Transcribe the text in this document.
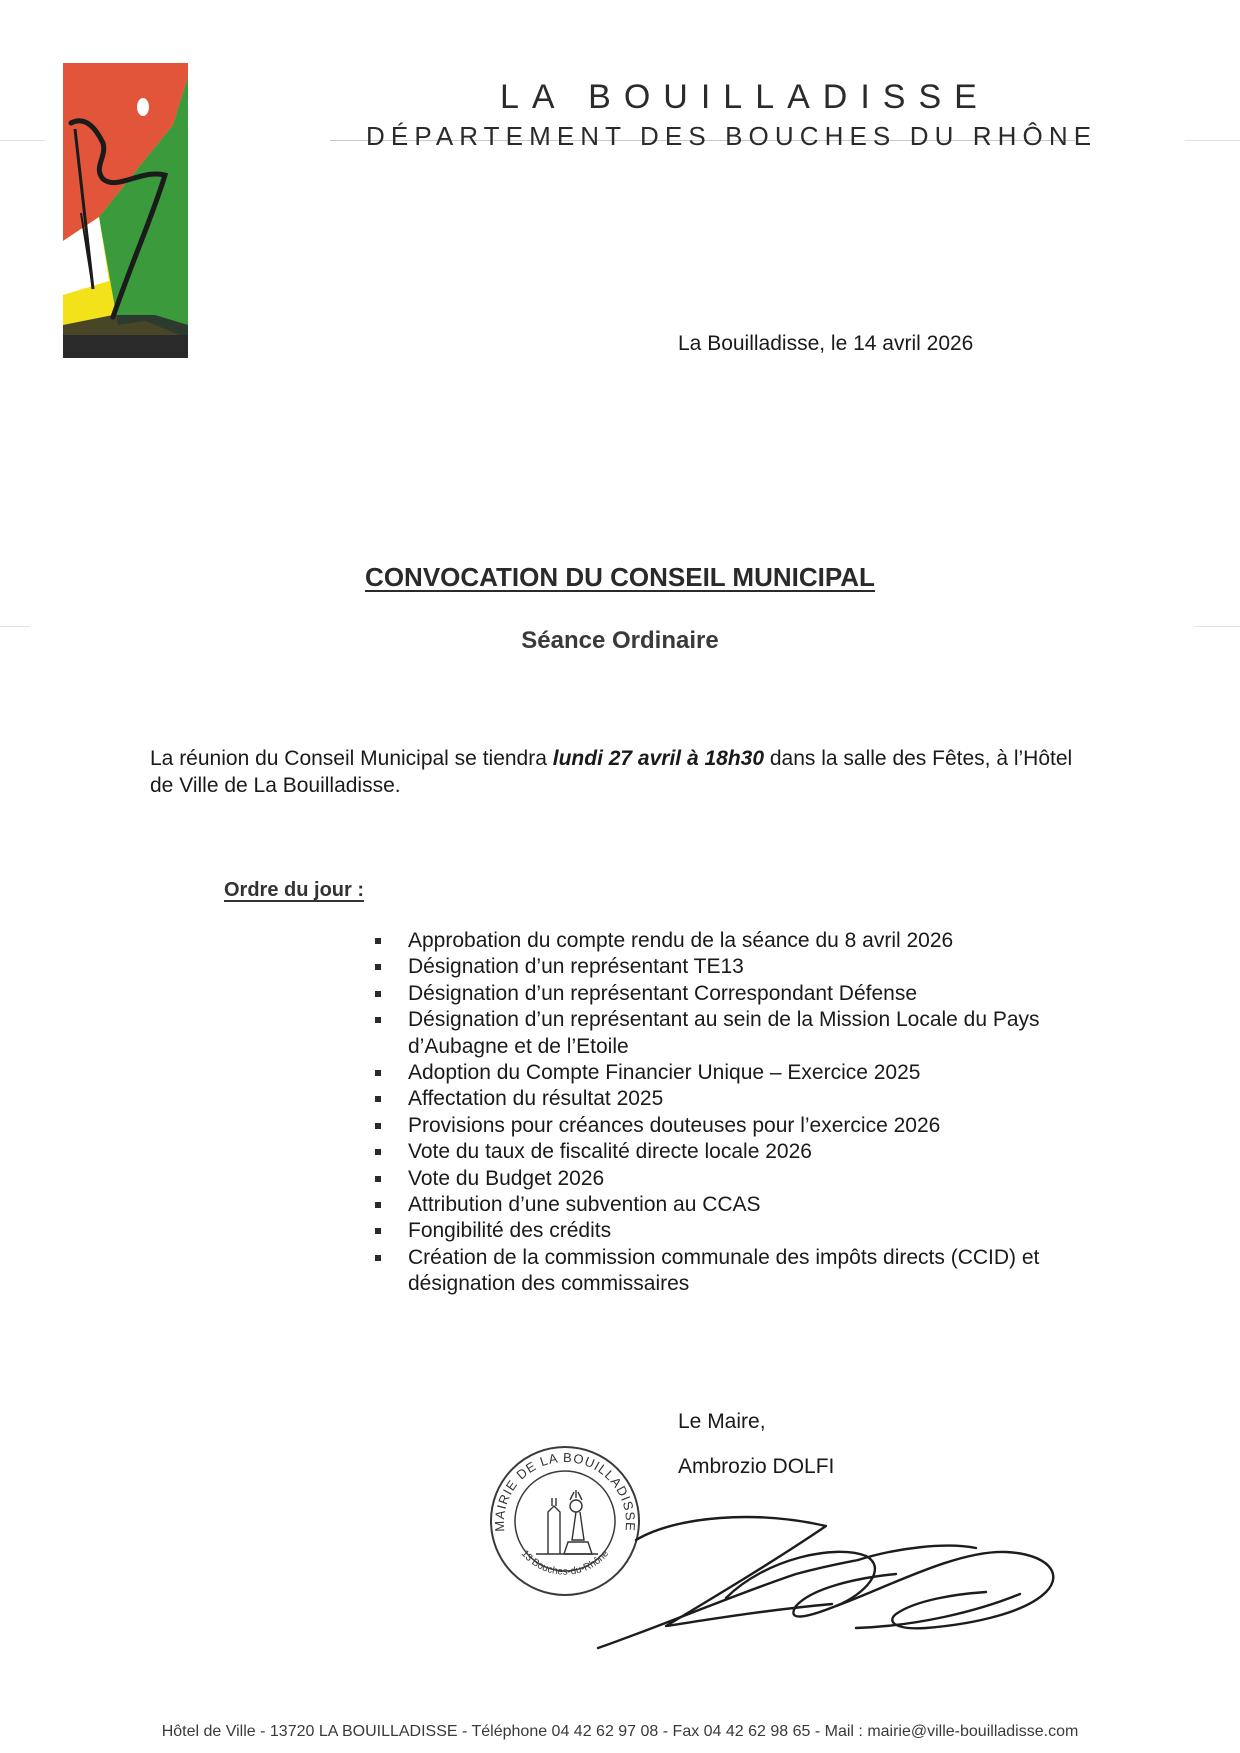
LA BOUILLADISSE
DÉPARTEMENT DES BOUCHES DU RHÔNE
La Bouilladisse, le 14 avril 2026
CONVOCATION DU CONSEIL MUNICIPAL
Séance Ordinaire
La réunion du Conseil Municipal se tiendra lundi 27 avril à 18h30 dans la salle des Fêtes, à l’Hôtel de Ville de La Bouilladisse.
Ordre du jour :
Approbation du compte rendu de la séance du 8 avril 2026
Désignation d’un représentant TE13
Désignation d’un représentant Correspondant Défense
Désignation d’un représentant au sein de la Mission Locale du Pays d’Aubagne et de l’Etoile
Adoption du Compte Financier Unique – Exercice 2025
Affectation du résultat 2025
Provisions pour créances douteuses pour l’exercice 2026
Vote du taux de fiscalité directe locale 2026
Vote du Budget 2026
Attribution d’une subvention au CCAS
Fongibilité des crédits
Création de la commission communale des impôts directs (CCID) et désignation des commissaires
Le Maire,
Ambrozio DOLFI
MAIRIE DE LA BOUILLADISSE
13 Bouches-du-Rhône
Hôtel de Ville - 13720 LA BOUILLADISSE - Téléphone 04 42 62 97 08 - Fax 04 42 62 98 65 - Mail : mairie@ville-bouilladisse.com
